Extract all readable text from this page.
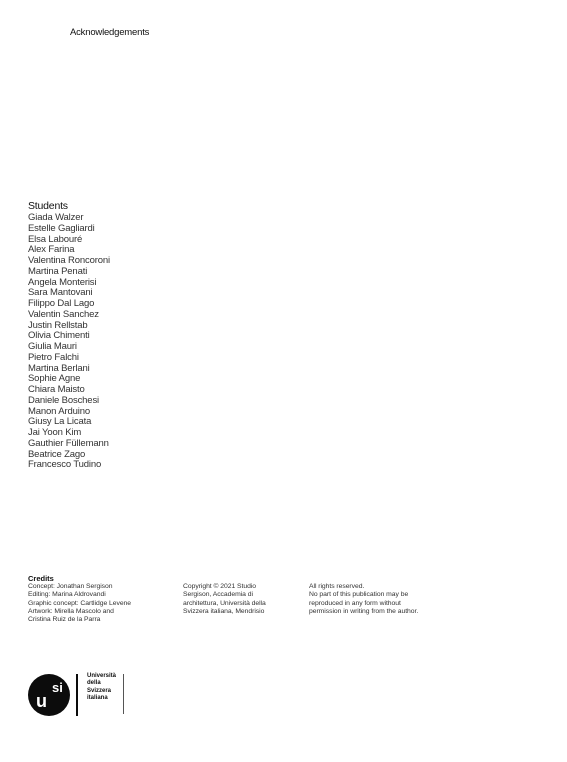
Acknowledgements
Students
Giada Walzer
Estelle Gagliardi
Elsa Labouré
Alex Farina
Valentina Roncoroni
Martina Penati
Angela Monterisi
Sara Mantovani
Filippo Dal Lago
Valentin Sanchez
Justin Rellstab
Olivia Chimenti
Giulia Mauri
Pietro Falchi
Martina Berlani
Sophie Agne
Chiara Maisto
Daniele Boschesi
Manon Arduino
Giusy La Licata
Jai Yoon Kim
Gauthier Füllemann
Beatrice Zago
Francesco Tudino
Credits
Concept: Jonathan Sergison
Editing: Marina Aldrovandi
Graphic concept: Cartlidge Levene
Artwork: Mirella Mascolo and
Cristina Ruiz de la Parra
Copyright © 2021 Studio
Sergison, Accademia di
architettura, Università della
Svizzera italiana, Mendrisio
All rights reserved.
No part of this publication may be
reproduced in any form without
permission in writing from the author.
u
si
Università
della
Svizzera
italiana
